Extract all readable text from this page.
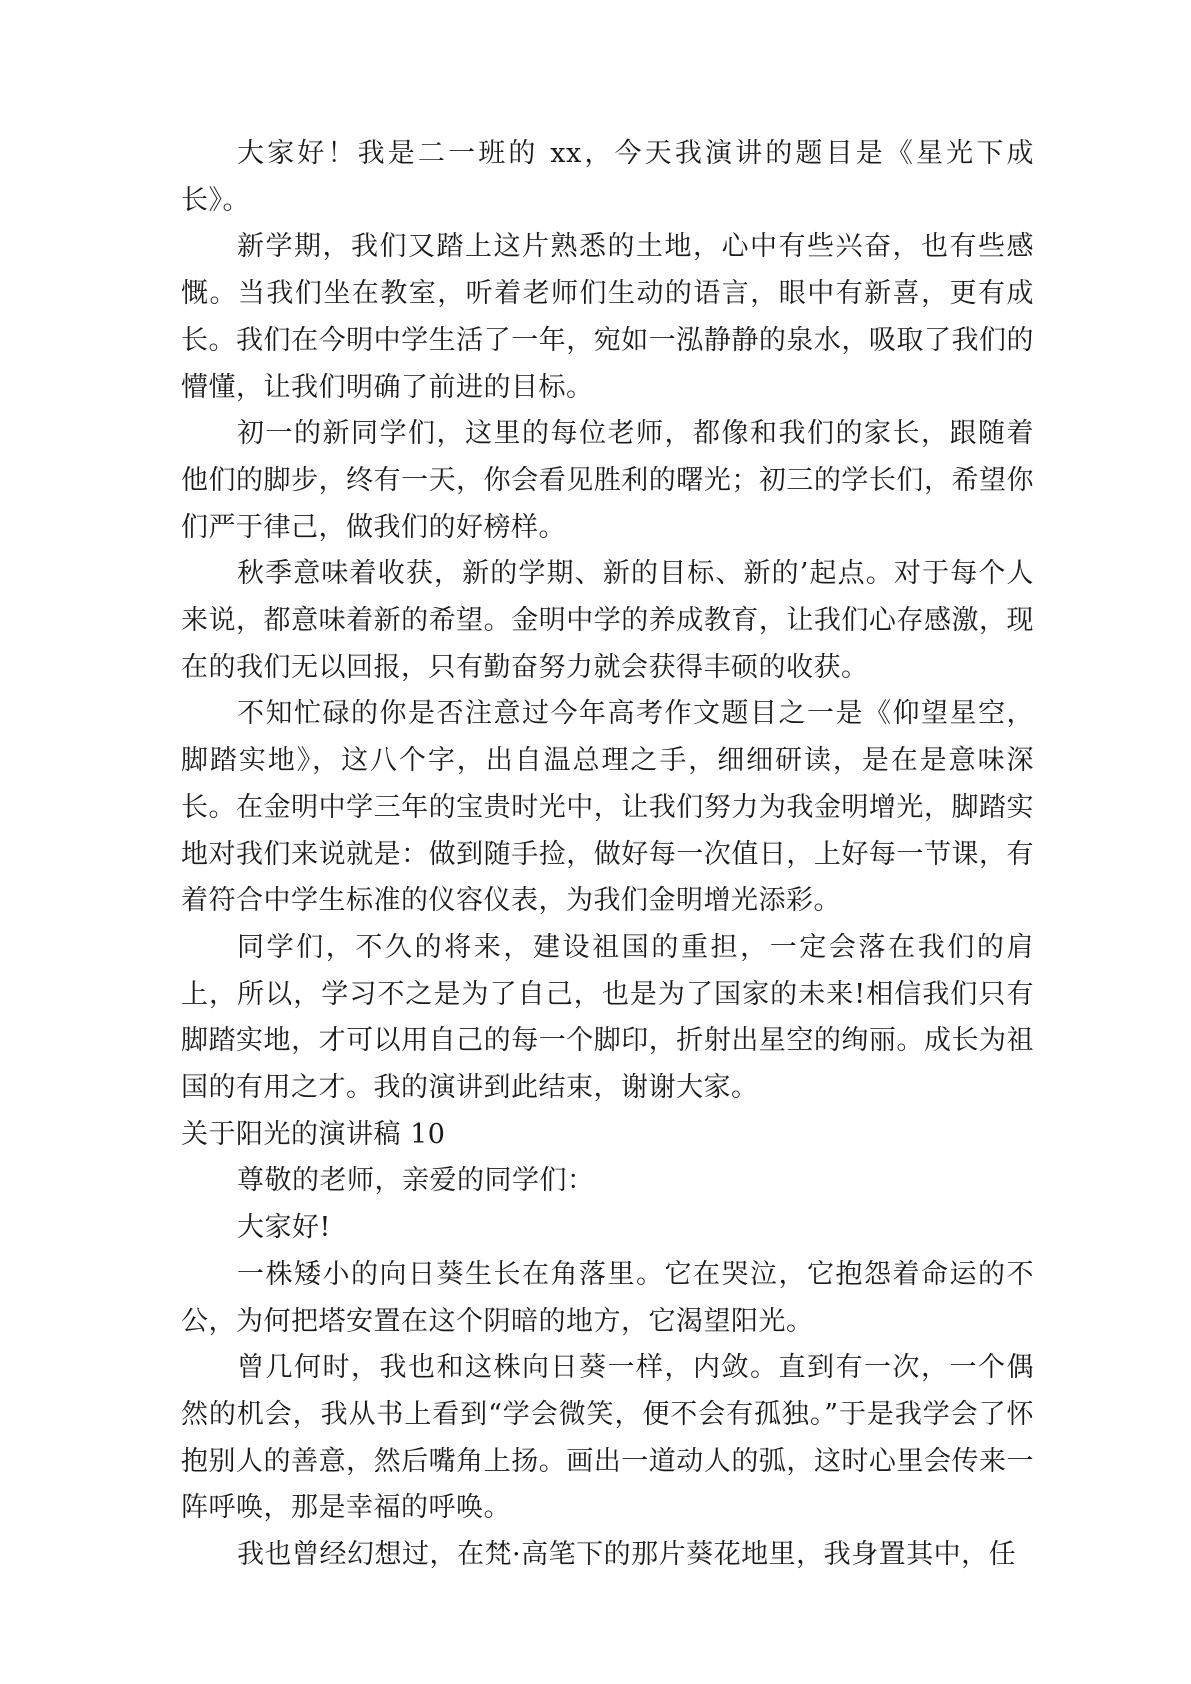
大家好！我是二一班的 xx，今天我演讲的题目是《星光下成长》。

新学期，我们又踏上这片熟悉的土地，心中有些兴奋，也有些感慨。当我们坐在教室，听着老师们生动的语言，眼中有新喜，更有成长。我们在今明中学生活了一年，宛如一泓静静的泉水，吸取了我们的懵懂，让我们明确了前进的目标。

初一的新同学们，这里的每位老师，都像和我们的家长，跟随着他们的脚步，终有一天，你会看见胜利的曙光；初三的学长们，希望你们严于律己，做我们的好榜样。

秋季意味着收获，新的学期、新的目标、新的’起点。对于每个人来说，都意味着新的希望。金明中学的养成教育，让我们心存感激，现在的我们无以回报，只有勤奋努力就会获得丰硕的收获。

不知忙碌的你是否注意过今年高考作文题目之一是《仰望星空，脚踏实地》，这八个字，出自温总理之手，细细研读，是在是意味深长。在金明中学三年的宝贵时光中，让我们努力为我金明增光，脚踏实地对我们来说就是：做到随手捡，做好每一次值日，上好每一节课，有着符合中学生标准的仪容仪表，为我们金明增光添彩。

同学们，不久的将来，建设祖国的重担，一定会落在我们的肩上，所以，学习不之是为了自己，也是为了国家的未来!相信我们只有脚踏实地，才可以用自己的每一个脚印，折射出星空的绚丽。成长为祖国的有用之才。我的演讲到此结束，谢谢大家。

关于阳光的演讲稿 10

尊敬的老师，亲爱的同学们：

大家好!

一株矮小的向日葵生长在角落里。它在哭泣，它抱怨着命运的不公，为何把塔安置在这个阴暗的地方，它渴望阳光。

曾几何时，我也和这株向日葵一样，内敛。直到有一次，一个偶然的机会，我从书上看到“学会微笑，便不会有孤独。”于是我学会了怀抱别人的善意，然后嘴角上扬。画出一道动人的弧，这时心里会传来一阵呼唤，那是幸福的呼唤。

我也曾经幻想过，在梵·高笔下的那片葵花地里，我身置其中，任
